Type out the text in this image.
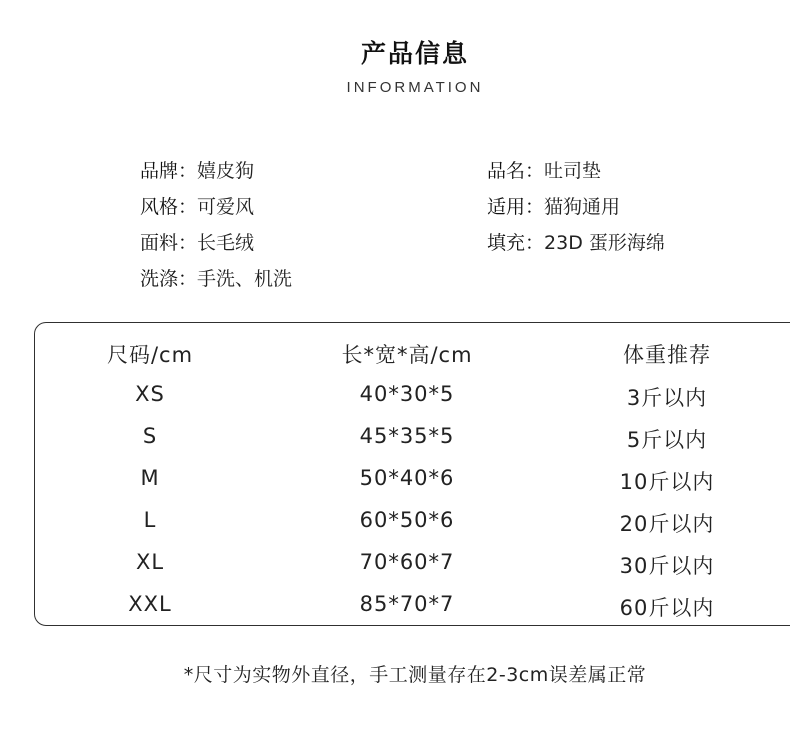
产品信息
INFORMATION
品牌：嬉皮狗	品名：吐司垫
风格：可爱风	适用：猫狗通用
面料：长毛绒	填充：23D 蛋形海绵
洗涤：手洗、机洗
尺码/cm	长*宽*高/cm	体重推荐
XS	40*30*5	3斤以内
S	45*35*5	5斤以内
M	50*40*6	10斤以内
L	60*50*6	20斤以内
XL	70*60*7	30斤以内
XXL	85*70*7	60斤以内
*尺寸为实物外直径，手工测量存在2-3cm误差属正常
